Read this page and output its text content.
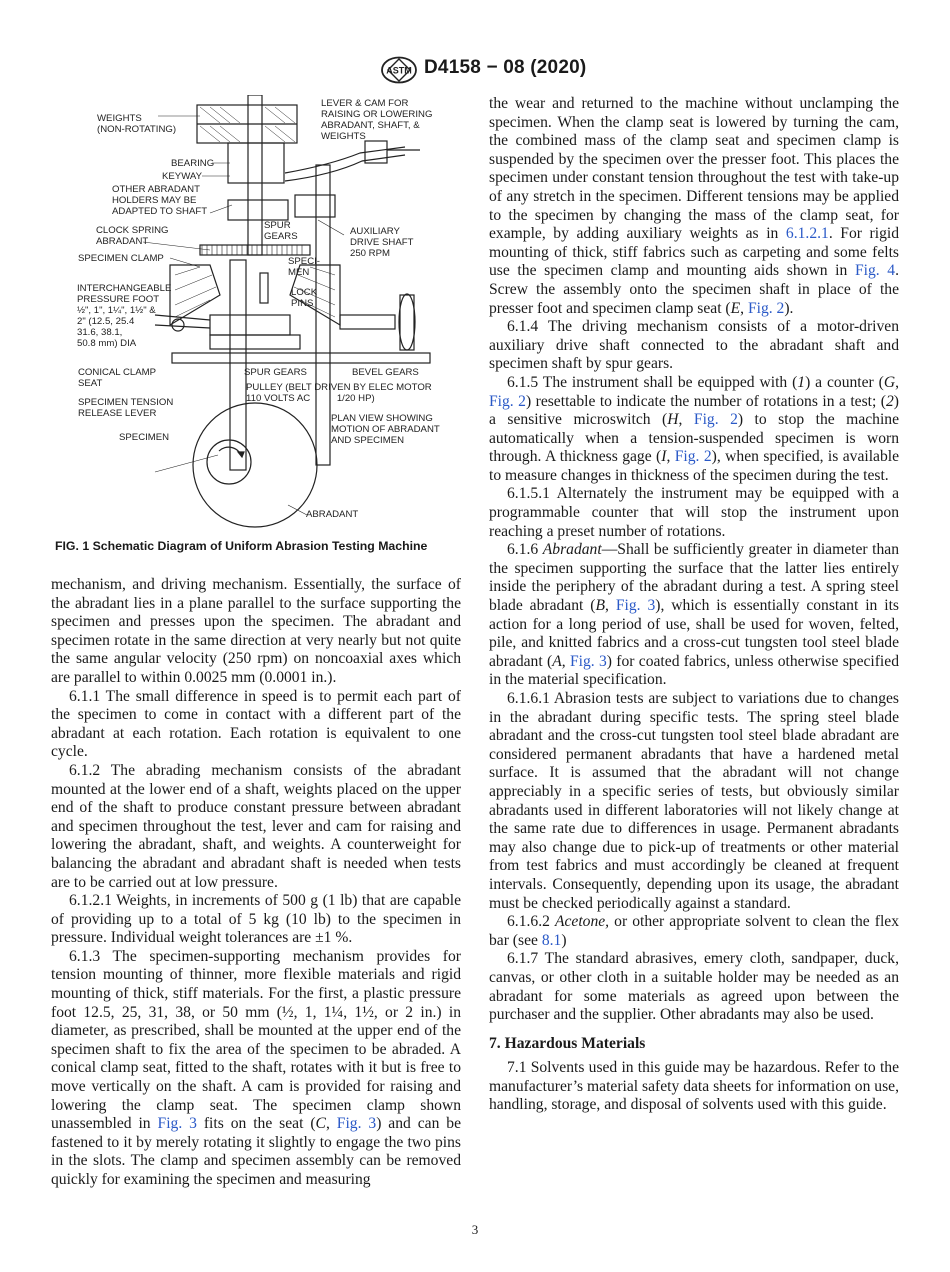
ASTM D4158 − 08 (2020)
WEIGHTS
(NON-ROTATING)
LEVER & CAM FOR
RAISING OR LOWERING
ABRADANT, SHAFT, &
WEIGHTS
BEARING
KEYWAY
OTHER ABRADANT
HOLDERS MAY BE
ADAPTED TO SHAFT
CLOCK SPRING
ABRADANT
SPUR
GEARS	AUXILIARY
DRIVE SHAFT
250 RPM
SPECIMEN CLAMP	SPECI-
MEN
INTERCHANGEABLE
PRESSURE FOOT
½", 1", 1¼", 1½" &
2" (12.5, 25.4
31.6, 38.1,
50.8 mm) DIA
LOCK
PINS
CONICAL CLAMP
SEAT
SPUR GEARS	BEVEL GEARS
PULLEY (BELT DRIVEN BY ELEC MOTOR
110 VOLTS AC          1/20 HP)
SPECIMEN TENSION
RELEASE LEVER	PLAN VIEW SHOWING
MOTION OF ABRADANT
AND SPECIMEN
SPECIMEN
ABRADANT
FIG. 1 Schematic Diagram of Uniform Abrasion Testing Machine

mechanism, and driving mechanism. Essentially, the surface of the abradant lies in a plane parallel to the surface supporting the specimen and presses upon the specimen. The abradant and specimen rotate in the same direction at very nearly but not quite the same angular velocity (250 rpm) on noncoaxial axes which are parallel to within 0.0025 mm (0.0001 in.).

6.1.1 The small difference in speed is to permit each part of the specimen to come in contact with a different part of the abradant at each rotation. Each rotation is equivalent to one cycle.

6.1.2 The abrading mechanism consists of the abradant mounted at the lower end of a shaft, weights placed on the upper end of the shaft to produce constant pressure between abradant and specimen throughout the test, lever and cam for raising and lowering the abradant, shaft, and weights. A counterweight for balancing the abradant and abradant shaft is needed when tests are to be carried out at low pressure.

6.1.2.1 Weights, in increments of 500 g (1 lb) that are capable of providing up to a total of 5 kg (10 lb) to the specimen in pressure. Individual weight tolerances are ±1 %.

6.1.3 The specimen-supporting mechanism provides for tension mounting of thinner, more flexible materials and rigid mounting of thick, stiff materials. For the first, a plastic pressure foot 12.5, 25, 31, 38, or 50 mm (½, 1, 1¼, 1½, or 2 in.) in diameter, as prescribed, shall be mounted at the upper end of the specimen shaft to fix the area of the specimen to be abraded. A conical clamp seat, fitted to the shaft, rotates with it but is free to move vertically on the shaft. A cam is provided for raising and lowering the clamp seat. The specimen clamp shown unassembled in Fig. 3 fits on the seat (C, Fig. 3) and can be fastened to it by merely rotating it slightly to engage the two pins in the slots. The clamp and specimen assembly can be removed quickly for examining the specimen and measuring

the wear and returned to the machine without unclamping the specimen. When the clamp seat is lowered by turning the cam, the combined mass of the clamp seat and specimen clamp is suspended by the specimen over the presser foot. This places the specimen under constant tension throughout the test with take-up of any stretch in the specimen. Different tensions may be applied to the specimen by changing the mass of the clamp seat, for example, by adding auxiliary weights as in 6.1.2.1. For rigid mounting of thick, stiff fabrics such as carpeting and some felts use the specimen clamp and mounting aids shown in Fig. 4. Screw the assembly onto the specimen shaft in place of the presser foot and specimen clamp seat (E, Fig. 2).

6.1.4 The driving mechanism consists of a motor-driven auxiliary drive shaft connected to the abradant shaft and specimen shaft by spur gears.

6.1.5 The instrument shall be equipped with (1) a counter (G, Fig. 2) resettable to indicate the number of rotations in a test; (2) a sensitive microswitch (H, Fig. 2) to stop the machine automatically when a tension-suspended specimen is worn through. A thickness gage (I, Fig. 2), when specified, is available to measure changes in thickness of the specimen during the test.

6.1.5.1 Alternately the instrument may be equipped with a programmable counter that will stop the instrument upon reaching a preset number of rotations.

6.1.6 Abradant—Shall be sufficiently greater in diameter than the specimen supporting the surface that the latter lies entirely inside the periphery of the abradant during a test. A spring steel blade abradant (B, Fig. 3), which is essentially constant in its action for a long period of use, shall be used for woven, felted, pile, and knitted fabrics and a cross-cut tungsten tool steel blade abradant (A, Fig. 3) for coated fabrics, unless otherwise specified in the material specification.

6.1.6.1 Abrasion tests are subject to variations due to changes in the abradant during specific tests. The spring steel blade abradant and the cross-cut tungsten tool steel blade abradant are considered permanent abradants that have a hardened metal surface. It is assumed that the abradant will not change appreciably in a specific series of tests, but obviously similar abradants used in different laboratories will not likely change at the same rate due to differences in usage. Permanent abradants may also change due to pick-up of treatments or other material from test fabrics and must accordingly be cleaned at frequent intervals. Consequently, depending upon its usage, the abradant must be checked periodically against a standard.

6.1.6.2 Acetone, or other appropriate solvent to clean the flex bar (see 8.1)

6.1.7 The standard abrasives, emery cloth, sandpaper, duck, canvas, or other cloth in a suitable holder may be needed as an abradant for some materials as agreed upon between the purchaser and the supplier. Other abradants may also be used.

7. Hazardous Materials

7.1 Solvents used in this guide may be hazardous. Refer to the manufacturer’s material safety data sheets for information on use, handling, storage, and disposal of solvents used with this guide.

3
